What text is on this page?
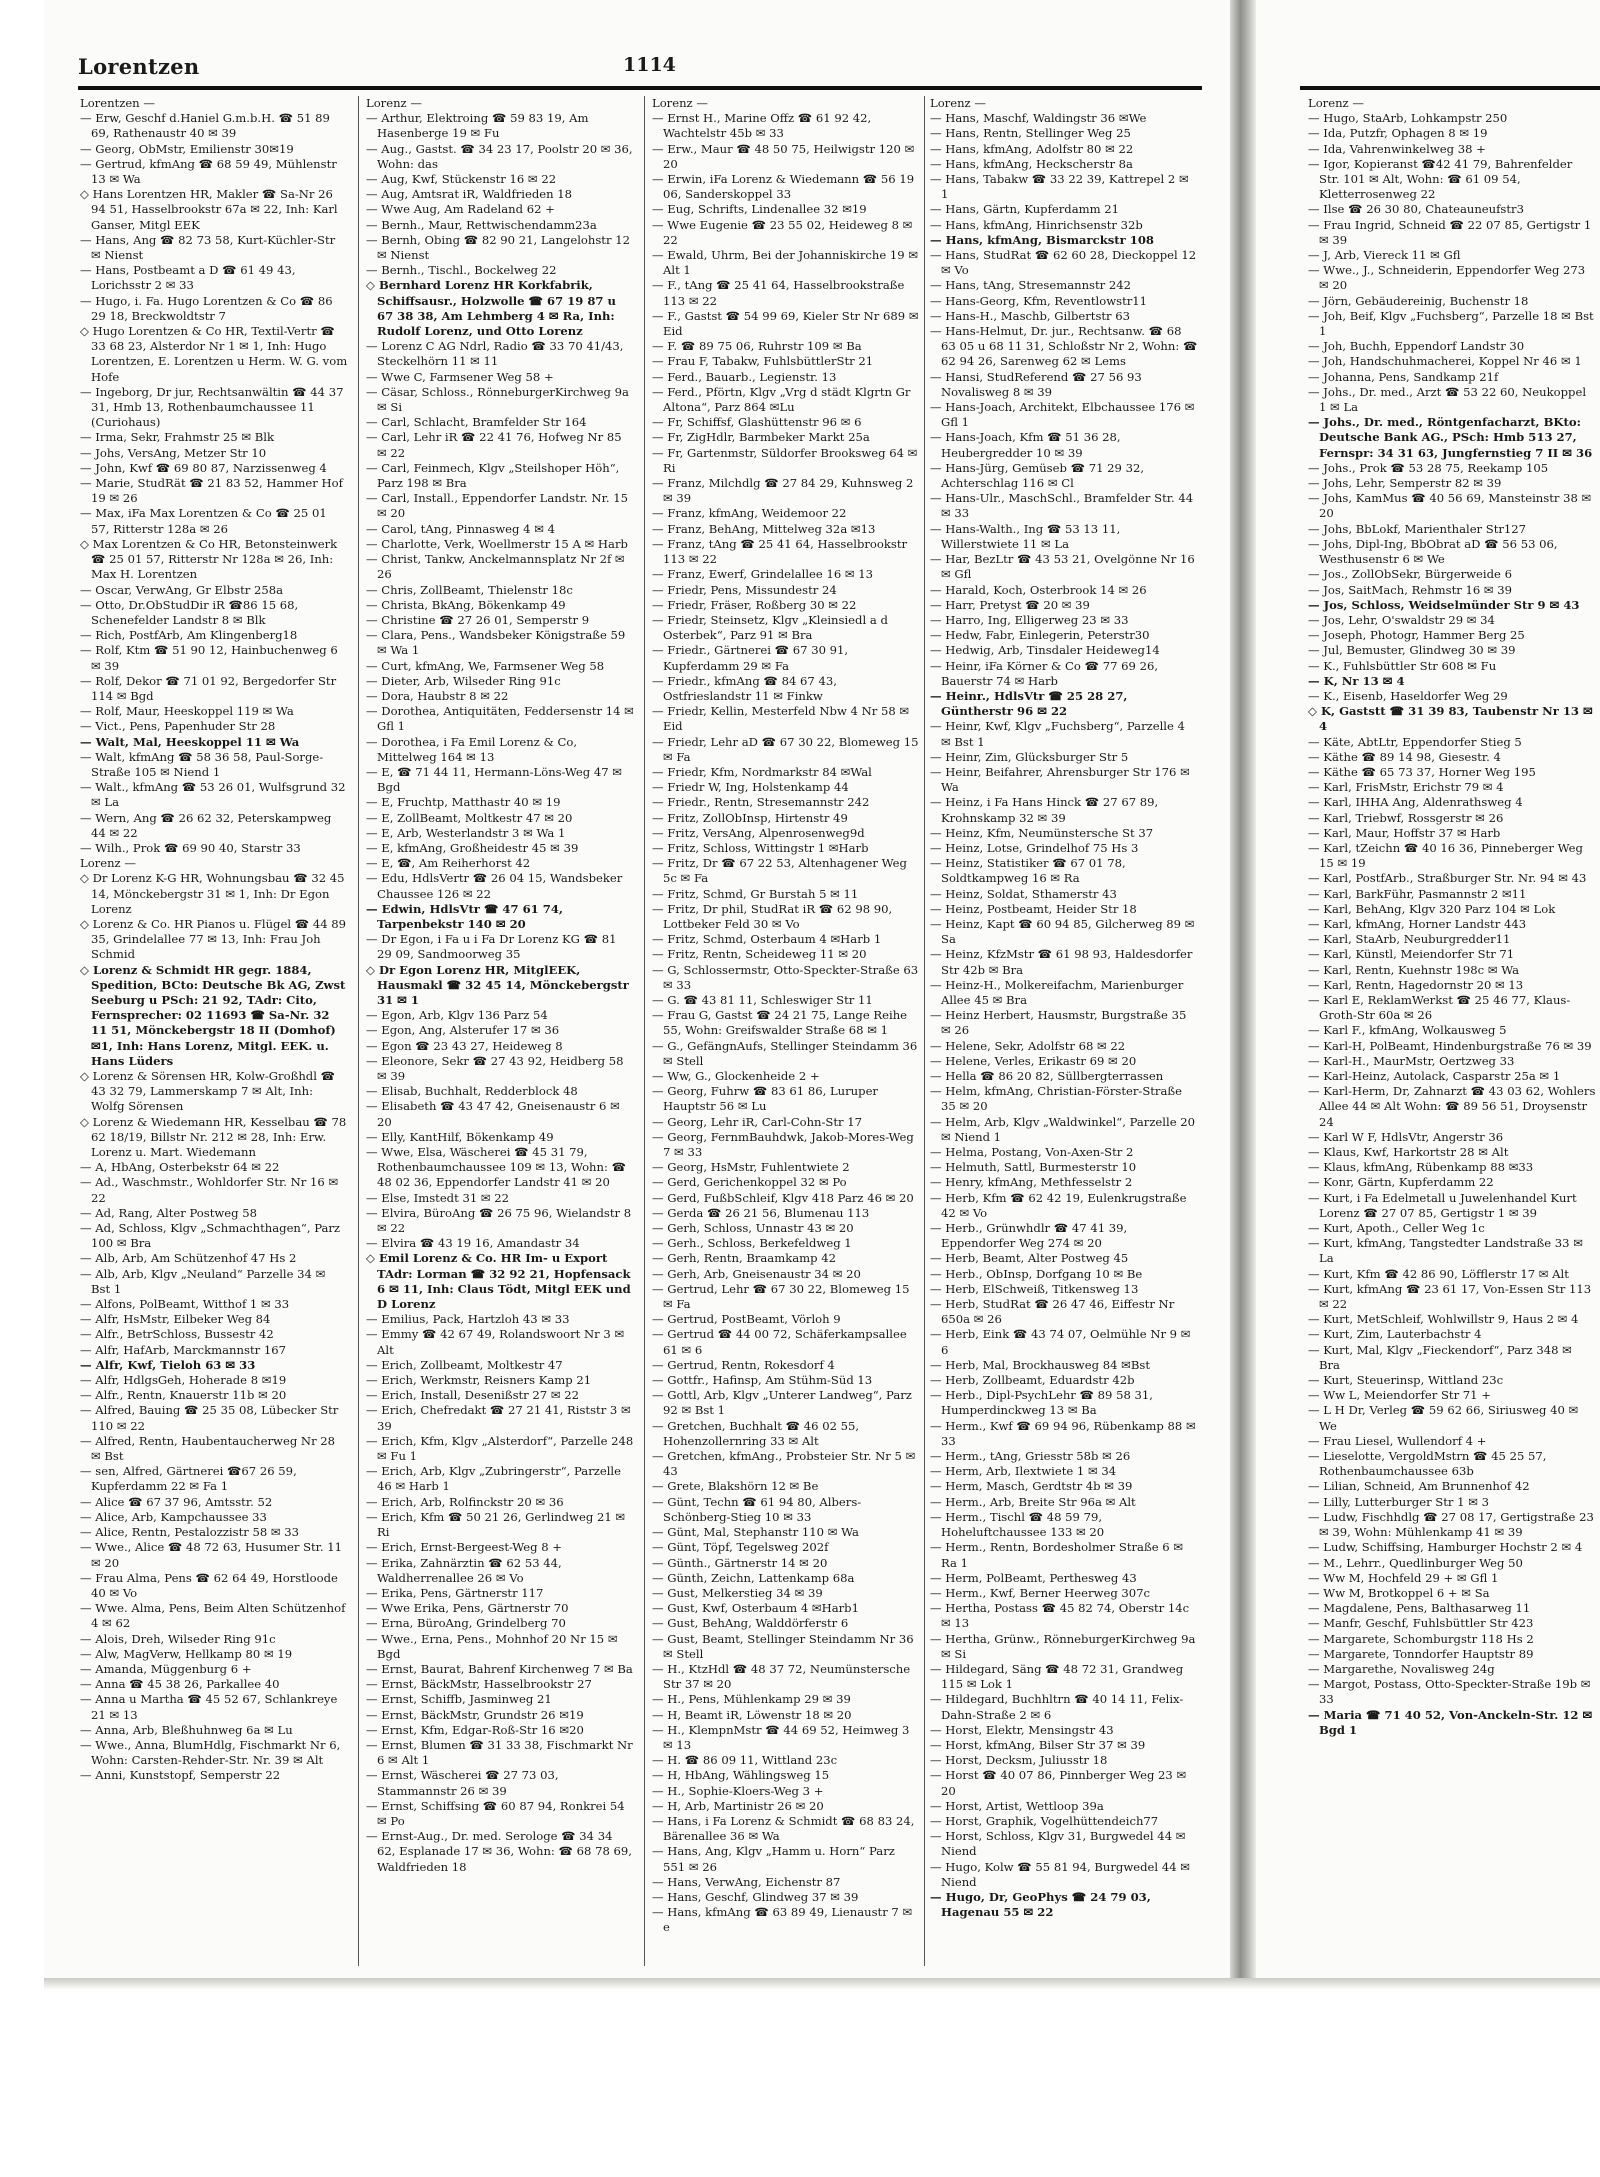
Lorentzen	1114
Lorentzen —
— Erw, Geschf d.Haniel G.m.b.H. ☎ 51 89 69, Rathenaustr 40 ✉ 39
— Georg, ObMstr, Emilienstr 30✉19
— Gertrud, kfmAng ☎ 68 59 49, Mühlenstr 13 ✉ Wa
◇ Hans Lorentzen HR, Makler ☎ Sa-Nr 26 94 51, Hasselbrookstr 67a ✉ 22, Inh: Karl Ganser, Mitgl EEK
— Hans, Ang ☎ 82 73 58, Kurt-Küchler-Str ✉ Nienst
— Hans, Postbeamt a D ☎ 61 49 43, Lorichsstr 2 ✉ 33
— Hugo, i. Fa. Hugo Lorentzen & Co ☎ 86 29 18, Breckwoldtstr 7
◇ Hugo Lorentzen & Co HR, Textil-Vertr ☎ 33 68 23, Alsterdor Nr 1 ✉ 1, Inh: Hugo Lorentzen, E. Lorentzen u Herm. W. G. vom Hofe
— Ingeborg, Dr jur, Rechtsanwältin ☎ 44 37 31, Hmb 13, Rothenbaumchaussee 11 (Curiohaus)
— Irma, Sekr, Frahmstr 25 ✉ Blk
— Johs, VersAng, Metzer Str 10
— John, Kwf ☎ 69 80 87, Narzissenweg 4
— Marie, StudRät ☎ 21 83 52, Hammer Hof 19 ✉ 26
— Max, iFa Max Lorentzen & Co ☎ 25 01 57, Ritterstr 128a ✉ 26
◇ Max Lorentzen & Co HR, Betonsteinwerk ☎ 25 01 57, Ritterstr Nr 128a ✉ 26, Inh: Max H. Lorentzen
— Oscar, VerwAng, Gr Elbstr 258a
— Otto, Dr.ObStudDir iR ☎86 15 68, Schenefelder Landstr 8 ✉ Blk
— Rich, PostfArb, Am Klingenberg18
— Rolf, Ktm ☎ 51 90 12, Hainbuchenweg 6 ✉ 39
— Rolf, Dekor ☎ 71 01 92, Bergedorfer Str 114 ✉ Bgd
— Rolf, Maur, Heeskoppel 119 ✉ Wa
— Vict., Pens, Papenhuder Str 28
— Walt, Mal, Heeskoppel 11 ✉ Wa
— Walt, kfmAng ☎ 58 36 58, Paul-Sorge-Straße 105 ✉ Niend 1
— Walt., kfmAng ☎ 53 26 01, Wulfsgrund 32 ✉ La
— Wern, Ang ☎ 26 62 32, Peterskampweg 44 ✉ 22
— Wilh., Prok ☎ 69 90 40, Starstr 33
Lorenz —
◇ Dr Lorenz K-G HR, Wohnungsbau ☎ 32 45 14, Mönckebergstr 31 ✉ 1, Inh: Dr Egon Lorenz
◇ Lorenz & Co. HR Pianos u. Flügel ☎ 44 89 35, Grindelallee 77 ✉ 13, Inh: Frau Joh Schmid
◇ Lorenz & Schmidt HR gegr. 1884, Spedition, BCto: Deutsche Bk AG, Zwst Seeburg u PSch: 21 92, TAdr: Cito, Fernsprecher: 02 11693 ☎ Sa-Nr. 32 11 51, Mönckebergstr 18 II (Domhof) ✉1, Inh: Hans Lorenz, Mitgl. EEK. u. Hans Lüders
◇ Lorenz & Sörensen HR, Kolw-Großhdl ☎ 43 32 79, Lammerskamp 7 ✉ Alt, Inh: Wolfg Sörensen
◇ Lorenz & Wiedemann HR, Kesselbau ☎ 78 62 18/19, Billstr Nr. 212 ✉ 28, Inh: Erw. Lorenz u. Mart. Wiedemann
— A, HbAng, Osterbekstr 64 ✉ 22
— Ad., Waschmstr., Wohldorfer Str. Nr 16 ✉ 22
— Ad, Rang, Alter Postweg 58
— Ad, Schloss, Klgv „Schmachthagen“, Parz 100 ✉ Bra
— Alb, Arb, Am Schützenhof 47 Hs 2
— Alb, Arb, Klgv „Neuland“ Parzelle 34 ✉ Bst 1
— Alfons, PolBeamt, Witthof 1 ✉ 33
— Alfr, HsMstr, Eilbeker Weg 84
— Alfr., BetrSchloss, Bussestr 42
— Alfr, HafArb, Marckmannstr 167
— Alfr, Kwf, Tieloh 63 ✉ 33
— Alfr, HdlgsGeh, Hoherade 8 ✉19
— Alfr., Rentn, Knauerstr 11b ✉ 20
— Alfred, Bauing ☎ 25 35 08, Lübecker Str 110 ✉ 22
— Alfred, Rentn, Haubentaucherweg Nr 28 ✉ Bst
— sen, Alfred, Gärtnerei ☎67 26 59, Kupferdamm 22 ✉ Fa 1
— Alice ☎ 67 37 96, Amtsstr. 52
— Alice, Arb, Kampchaussee 33
— Alice, Rentn, Pestalozzistr 58 ✉ 33
— Wwe., Alice ☎ 48 72 63, Husumer Str. 11 ✉ 20
— Frau Alma, Pens ☎ 62 64 49, Horstloode 40 ✉ Vo
— Wwe. Alma, Pens, Beim Alten Schützenhof 4 ✉ 62
— Alois, Dreh, Wilseder Ring 91c
— Alw, MagVerw, Hellkamp 80 ✉ 19
— Amanda, Müggenburg 6 +
— Anna ☎ 45 38 26, Parkallee 40
— Anna u Martha ☎ 45 52 67, Schlankreye 21 ✉ 13
— Anna, Arb, Bleßhuhnweg 6a ✉ Lu
— Wwe., Anna, BlumHdlg, Fischmarkt Nr 6, Wohn: Carsten-Rehder-Str. Nr. 39 ✉ Alt
— Anni, Kunststopf, Semperstr 22
Lorenz —
— Arthur, Elektroing ☎ 59 83 19, Am Hasenberge 19 ✉ Fu
— Aug., Gastst. ☎ 34 23 17, Poolstr 20 ✉ 36, Wohn: das
— Aug, Kwf, Stückenstr 16 ✉ 22
— Aug, Amtsrat iR, Waldfrieden 18
— Wwe Aug, Am Radeland 62 +
— Bernh., Maur, Rettwischendamm23a
— Bernh, Obing ☎ 82 90 21, Langelohstr 12 ✉ Nienst
— Bernh., Tischl., Bockelweg 22
◇ Bernhard Lorenz HR Korkfabrik, Schiffsausr., Holzwolle ☎ 67 19 87 u 67 38 38, Am Lehmberg 4 ✉ Ra, Inh: Rudolf Lorenz, und Otto Lorenz
— Lorenz C AG Ndrl, Radio ☎ 33 70 41/43, Steckelhörn 11 ✉ 11
— Wwe C, Farmsener Weg 58 +
— Cäsar, Schloss., RönneburgerKirchweg 9a ✉ Si
— Carl, Schlacht, Bramfelder Str 164
— Carl, Lehr iR ☎ 22 41 76, Hofweg Nr 85 ✉ 22
— Carl, Feinmech, Klgv „Steilshoper Höh“, Parz 198 ✉ Bra
— Carl, Install., Eppendorfer Landstr. Nr. 15 ✉ 20
— Carol, tAng, Pinnasweg 4 ✉ 4
— Charlotte, Verk, Woellmerstr 15 A ✉ Harb
— Christ, Tankw, Anckelmannsplatz Nr 2f ✉ 26
— Chris, ZollBeamt, Thielenstr 18c
— Christa, BkAng, Bökenkamp 49
— Christine ☎ 27 26 01, Semperstr 9
— Clara, Pens., Wandsbeker Königstraße 59 ✉ Wa 1
— Curt, kfmAng, We, Farmsener Weg 58
— Dieter, Arb, Wilseder Ring 91c
— Dora, Haubstr 8 ✉ 22
— Dorothea, Antiquitäten, Feddersenstr 14 ✉ Gfl 1
— Dorothea, i Fa Emil Lorenz & Co, Mittelweg 164 ✉ 13
— E, ☎ 71 44 11, Hermann-Löns-Weg 47 ✉ Bgd
— E, Fruchtp, Matthastr 40 ✉ 19
— E, ZollBeamt, Moltkestr 47 ✉ 20
— E, Arb, Westerlandstr 3 ✉ Wa 1
— E, kfmAng, Großheidestr 45 ✉ 39
— E, ☎, Am Reiherhorst 42
— Edu, HdlsVertr ☎ 26 04 15, Wandsbeker Chaussee 126 ✉ 22
— Edwin, HdlsVtr ☎ 47 61 74, Tarpenbekstr 140 ✉ 20
— Dr Egon, i Fa u i Fa Dr Lorenz KG ☎ 81 29 09, Sandmoorweg 35
◇ Dr Egon Lorenz HR, MitglEEK, Hausmakl ☎ 32 45 14, Mönckebergstr 31 ✉ 1
— Egon, Arb, Klgv 136 Parz 54
— Egon, Ang, Alsterufer 17 ✉ 36
— Egon ☎ 23 43 27, Heideweg 8
— Eleonore, Sekr ☎ 27 43 92, Heidberg 58 ✉ 39
— Elisab, Buchhalt, Redderblock 48
— Elisabeth ☎ 43 47 42, Gneisenaustr 6 ✉ 20
— Elly, KantHilf, Bökenkamp 49
— Wwe, Elsa, Wäscherei ☎ 45 31 79, Rothenbaumchaussee 109 ✉ 13, Wohn: ☎ 48 02 36, Eppendorfer Landstr 41 ✉ 20
— Else, Imstedt 31 ✉ 22
— Elvira, BüroAng ☎ 26 75 96, Wielandstr 8 ✉ 22
— Elvira ☎ 43 19 16, Amandastr 34
◇ Emil Lorenz & Co. HR Im- u Export TAdr: Lorman ☎ 32 92 21, Hopfensack 6 ✉ 11, Inh: Claus Tödt, Mitgl EEK und D Lorenz
— Emilius, Pack, Hartzloh 43 ✉ 33
— Emmy ☎ 42 67 49, Rolandswoort Nr 3 ✉ Alt
— Erich, Zollbeamt, Moltkestr 47
— Erich, Werkmstr, Reisners Kamp 21
— Erich, Install, Desenißstr 27 ✉ 22
— Erich, Chefredakt ☎ 27 21 41, Riststr 3 ✉ 39
— Erich, Kfm, Klgv „Alsterdorf“, Parzelle 248 ✉ Fu 1
— Erich, Arb, Klgv „Zubringerstr“, Parzelle 46 ✉ Harb 1
— Erich, Arb, Rolfinckstr 20 ✉ 36
— Erich, Kfm ☎ 50 21 26, Gerlindweg 21 ✉ Ri
— Erich, Ernst-Bergeest-Weg 8 +
— Erika, Zahnärztin ☎ 62 53 44, Waldherrenallee 26 ✉ Vo
— Erika, Pens, Gärtnerstr 117
— Wwe Erika, Pens, Gärtnerstr 70
— Erna, BüroAng, Grindelberg 70
— Wwe., Erna, Pens., Mohnhof 20 Nr 15 ✉ Bgd
— Ernst, Baurat, Bahrenf Kirchenweg 7 ✉ Ba
— Ernst, BäckMstr, Hasselbrookstr 27
— Ernst, Schiffb, Jasminweg 21
— Ernst, BäckMstr, Grundstr 26 ✉19
— Ernst, Kfm, Edgar-Roß-Str 16 ✉20
— Ernst, Blumen ☎ 31 33 38, Fischmarkt Nr 6 ✉ Alt 1
— Ernst, Wäscherei ☎ 27 73 03, Stammannstr 26 ✉ 39
— Ernst, Schiffsing ☎ 60 87 94, Ronkrei 54 ✉ Po
— Ernst-Aug., Dr. med. Serologe ☎ 34 34 62, Esplanade 17 ✉ 36, Wohn: ☎ 68 78 69, Waldfrieden 18
Lorenz —
— Ernst H., Marine Offz ☎ 61 92 42, Wachtelstr 45b ✉ 33
— Erw., Maur ☎ 48 50 75, Heilwigstr 120 ✉ 20
— Erwin, iFa Lorenz & Wiedemann ☎ 56 19 06, Sanderskoppel 33
— Eug, Schrifts, Lindenallee 32 ✉19
— Wwe Eugenie ☎ 23 55 02, Heideweg 8 ✉ 22
— Ewald, Uhrm, Bei der Johanniskirche 19 ✉ Alt 1
— F., tAng ☎ 25 41 64, Hasselbrookstraße 113 ✉ 22
— F., Gastst ☎ 54 99 69, Kieler Str Nr 689 ✉ Eid
— F. ☎ 89 75 06, Ruhrstr 109 ✉ Ba
— Frau F, Tabakw, FuhlsbüttlerStr 21
— Ferd., Bauarb., Legienstr. 13
— Ferd., Pförtn, Klgv „Vrg d städt Klgrtn Gr Altona“, Parz 864 ✉Lu
— Fr, Schiffsf, Glashüttenstr 96 ✉ 6
— Fr, ZigHdlr, Barmbeker Markt 25a
— Fr, Gartenmstr, Süldorfer Brooksweg 64 ✉ Ri
— Franz, Milchdlg ☎ 27 84 29, Kuhnsweg 2 ✉ 39
— Franz, kfmAng, Weidemoor 22
— Franz, BehAng, Mittelweg 32a ✉13
— Franz, tAng ☎ 25 41 64, Hasselbrookstr 113 ✉ 22
— Franz, Ewerf, Grindelallee 16 ✉ 13
— Friedr, Pens, Missundestr 24
— Friedr, Fräser, Roßberg 30 ✉ 22
— Friedr, Steinsetz, Klgv „Kleinsiedl a d Osterbek“, Parz 91 ✉ Bra
— Friedr., Gärtnerei ☎ 67 30 91, Kupferdamm 29 ✉ Fa
— Friedr., kfmAng ☎ 84 67 43, Ostfrieslandstr 11 ✉ Finkw
— Friedr, Kellin, Mesterfeld Nbw 4 Nr 58 ✉ Eid
— Friedr, Lehr aD ☎ 67 30 22, Blomeweg 15 ✉ Fa
— Friedr, Kfm, Nordmarkstr 84 ✉Wal
— Friedr W, Ing, Holstenkamp 44
— Friedr., Rentn, Stresemannstr 242
— Fritz, ZollObInsp, Hirtenstr 49
— Fritz, VersAng, Alpenrosenweg9d
— Fritz, Schloss, Wittingstr 1 ✉Harb
— Fritz, Dr ☎ 67 22 53, Altenhagener Weg 5c ✉ Fa
— Fritz, Schmd, Gr Burstah 5 ✉ 11
— Fritz, Dr phil, StudRat iR ☎ 62 98 90, Lottbeker Feld 30 ✉ Vo
— Fritz, Schmd, Osterbaum 4 ✉Harb 1
— Fritz, Rentn, Scheideweg 11 ✉ 20
— G, Schlossermstr, Otto-Speckter-Straße 63 ✉ 33
— G. ☎ 43 81 11, Schleswiger Str 11
— Frau G, Gastst ☎ 24 21 75, Lange Reihe 55, Wohn: Greifswalder Straße 68 ✉ 1
— G., GefängnAufs, Stellinger Steindamm 36 ✉ Stell
— Ww, G., Glockenheide 2 +
— Georg, Fuhrw ☎ 83 61 86, Luruper Hauptstr 56 ✉ Lu
— Georg, Lehr iR, Carl-Cohn-Str 17
— Georg, FernmBauhdwk, Jakob-Mores-Weg 7 ✉ 33
— Georg, HsMstr, Fuhlentwiete 2
— Gerd, Gerichenkoppel 32 ✉ Po
— Gerd, FußbSchleif, Klgv 418 Parz 46 ✉ 20
— Gerda ☎ 26 21 56, Blumenau 113
— Gerh, Schloss, Unnastr 43 ✉ 20
— Gerh., Schloss, Berkefeldweg 1
— Gerh, Rentn, Braamkamp 42
— Gerh, Arb, Gneisenaustr 34 ✉ 20
— Gertrud, Lehr ☎ 67 30 22, Blomeweg 15 ✉ Fa
— Gertrud, PostBeamt, Vörloh 9
— Gertrud ☎ 44 00 72, Schäferkampsallee 61 ✉ 6
— Gertrud, Rentn, Rokesdorf 4
— Gottfr., Hafinsp, Am Stühm-Süd 13
— Gottl, Arb, Klgv „Unterer Landweg“, Parz 92 ✉ Bst 1
— Gretchen, Buchhalt ☎ 46 02 55, Hohenzollernring 33 ✉ Alt
— Gretchen, kfmAng., Probsteier Str. Nr 5 ✉ 43
— Grete, Blakshörn 12 ✉ Be
— Günt, Techn ☎ 61 94 80, Albers-Schönberg-Stieg 10 ✉ 33
— Günt, Mal, Stephanstr 110 ✉ Wa
— Günt, Töpf, Tegelsweg 202f
— Günth., Gärtnerstr 14 ✉ 20
— Günth, Zeichn, Lattenkamp 68a
— Gust, Melkerstieg 34 ✉ 39
— Gust, Kwf, Osterbaum 4 ✉Harb1
— Gust, BehAng, Walddörferstr 6
— Gust, Beamt, Stellinger Steindamm Nr 36 ✉ Stell
— H., KtzHdl ☎ 48 37 72, Neumünstersche Str 37 ✉ 20
— H., Pens, Mühlenkamp 29 ✉ 39
— H, Beamt iR, Löwenstr 18 ✉ 20
— H., KlempnMstr ☎ 44 69 52, Heimweg 3 ✉ 13
— H. ☎ 86 09 11, Wittland 23c
— H, HbAng, Wählingsweg 15
— H., Sophie-Kloers-Weg 3 +
— H, Arb, Martinistr 26 ✉ 20
— Hans, i Fa Lorenz & Schmidt ☎ 68 83 24, Bärenallee 36 ✉ Wa
— Hans, Ang, Klgv „Hamm u. Horn“ Parz 551 ✉ 26
— Hans, VerwAng, Eichenstr 87
— Hans, Geschf, Glindweg 37 ✉ 39
— Hans, kfmAng ☎ 63 89 49, Lienaustr 7 ✉ e
Lorenz —
— Hans, Maschf, Waldingstr 36 ✉We
— Hans, Rentn, Stellinger Weg 25
— Hans, kfmAng, Adolfstr 80 ✉ 22
— Hans, kfmAng, Heckscherstr 8a
— Hans, Tabakw ☎ 33 22 39, Kattrepel 2 ✉ 1
— Hans, Gärtn, Kupferdamm 21
— Hans, kfmAng, Hinrichsenstr 32b
— Hans, kfmAng, Bismarckstr 108
— Hans, StudRat ☎ 62 60 28, Dieckoppel 12 ✉ Vo
— Hans, tAng, Stresemannstr 242
— Hans-Georg, Kfm, Reventlowstr11
— Hans-H., Maschb, Gilbertstr 63
— Hans-Helmut, Dr. jur., Rechtsanw. ☎ 68 63 05 u 68 11 31, Schloßstr Nr 2, Wohn: ☎ 62 94 26, Sarenweg 62 ✉ Lems
— Hansi, StudReferend ☎ 27 56 93 Novalisweg 8 ✉ 39
— Hans-Joach, Architekt, Elbchaussee 176 ✉ Gfl 1
— Hans-Joach, Kfm ☎ 51 36 28, Heubergredder 10 ✉ 39
— Hans-Jürg, Gemüseb ☎ 71 29 32, Achterschlag 116 ✉ Cl
— Hans-Ulr., MaschSchl., Bramfelder Str. 44 ✉ 33
— Hans-Walth., Ing ☎ 53 13 11, Willerstwiete 11 ✉ La
— Har, BezLtr ☎ 43 53 21, Ovelgönne Nr 16 ✉ Gfl
— Harald, Koch, Osterbrook 14 ✉ 26
— Harr, Pretyst ☎ 20 ✉ 39
— Harro, Ing, Elligerweg 23 ✉ 33
— Hedw, Fabr, Einlegerin, Peterstr30
— Hedwig, Arb, Tinsdaler Heideweg14
— Heinr, iFa Körner & Co ☎ 77 69 26, Bauerstr 74 ✉ Harb
— Heinr., HdlsVtr ☎ 25 28 27, Güntherstr 96 ✉ 22
— Heinr, Kwf, Klgv „Fuchsberg“, Parzelle 4 ✉ Bst 1
— Heinr, Zim, Glücksburger Str 5
— Heinr, Beifahrer, Ahrensburger Str 176 ✉ Wa
— Heinz, i Fa Hans Hinck ☎ 27 67 89, Krohnskamp 32 ✉ 39
— Heinz, Kfm, Neumünstersche St 37
— Heinz, Lotse, Grindelhof 75 Hs 3
— Heinz, Statistiker ☎ 67 01 78, Soldtkampweg 16 ✉ Ra
— Heinz, Soldat, Sthamerstr 43
— Heinz, Postbeamt, Heider Str 18
— Heinz, Kapt ☎ 60 94 85, Gilcherweg 89 ✉ Sa
— Heinz, KfzMstr ☎ 61 98 93, Haldesdorfer Str 42b ✉ Bra
— Heinz-H., Molkereifachm, Marienburger Allee 45 ✉ Bra
— Heinz Herbert, Hausmstr, Burgstraße 35 ✉ 26
— Helene, Sekr, Adolfstr 68 ✉ 22
— Helene, Verles, Erikastr 69 ✉ 20
— Hella ☎ 86 20 82, Süllbergterrassen
— Helm, kfmAng, Christian-Förster-Straße 35 ✉ 20
— Helm, Arb, Klgv „Waldwinkel“, Parzelle 20 ✉ Niend 1
— Helma, Postang, Von-Axen-Str 2
— Helmuth, Sattl, Burmesterstr 10
— Henry, kfmAng, Methfesselstr 2
— Herb, Kfm ☎ 62 42 19, Eulenkrugstraße 42 ✉ Vo
— Herb., Grünwhdlr ☎ 47 41 39, Eppendorfer Weg 274 ✉ 20
— Herb, Beamt, Alter Postweg 45
— Herb., ObInsp, Dorfgang 10 ✉ Be
— Herb, ElSchweiß, Titkensweg 13
— Herb, StudRat ☎ 26 47 46, Eiffestr Nr 650a ✉ 26
— Herb, Eink ☎ 43 74 07, Oelmühle Nr 9 ✉ 6
— Herb, Mal, Brockhausweg 84 ✉Bst
— Herb, Zollbeamt, Eduardstr 42b
— Herb., Dipl-PsychLehr ☎ 89 58 31, Humperdinckweg 13 ✉ Ba
— Herm., Kwf ☎ 69 94 96, Rübenkamp 88 ✉ 33
— Herm., tAng, Griesstr 58b ✉ 26
— Herm, Arb, Ilextwiete 1 ✉ 34
— Herm, Masch, Gerdtstr 4b ✉ 39
— Herm., Arb, Breite Str 96a ✉ Alt
— Herm., Tischl ☎ 48 59 79, Hoheluftchaussee 133 ✉ 20
— Herm., Rentn, Bordesholmer Straße 6 ✉ Ra 1
— Herm, PolBeamt, Perthesweg 43
— Herm., Kwf, Berner Heerweg 307c
— Hertha, Postass ☎ 45 82 74, Oberstr 14c ✉ 13
— Hertha, Grünw., RönneburgerKirchweg 9a ✉ Si
— Hildegard, Säng ☎ 48 72 31, Grandweg 115 ✉ Lok 1
— Hildegard, Buchhltrn ☎ 40 14 11, Felix-Dahn-Straße 2 ✉ 6
— Horst, Elektr, Mensingstr 43
— Horst, kfmAng, Bilser Str 37 ✉ 39
— Horst, Decksm, Juliusstr 18
— Horst ☎ 40 07 86, Pinnberger Weg 23 ✉ 20
— Horst, Artist, Wettloop 39a
— Horst, Graphik, Vogelhüttendeich77
— Horst, Schloss, Klgv 31, Burgwedel 44 ✉ Niend
— Hugo, Kolw ☎ 55 81 94, Burgwedel 44 ✉ Niend
— Hugo, Dr, GeoPhys ☎ 24 79 03, Hagenau 55 ✉ 22
Lorenz —
— Hugo, StaArb, Lohkampstr 250
— Ida, Putzfr, Ophagen 8 ✉ 19
— Ida, Vahrenwinkelweg 38 +
— Igor, Kopieranst ☎42 41 79, Bahrenfelder Str. 101 ✉ Alt, Wohn: ☎ 61 09 54, Kletterrosenweg 22
— Ilse ☎ 26 30 80, Chateauneufstr3
— Frau Ingrid, Schneid ☎ 22 07 85, Gertigstr 1 ✉ 39
— J, Arb, Viereck 11 ✉ Gfl
— Wwe., J., Schneiderin, Eppendorfer Weg 273 ✉ 20
— Jörn, Gebäudereinig, Buchenstr 18
— Joh, Beif, Klgv „Fuchsberg“, Parzelle 18 ✉ Bst 1
— Joh, Buchh, Eppendorf Landstr 30
— Joh, Handschuhmacherei, Koppel Nr 46 ✉ 1
— Johanna, Pens, Sandkamp 21f
— Johs., Dr. med., Arzt ☎ 53 22 60, Neukoppel 1 ✉ La
— Johs., Dr. med., Röntgenfacharzt, BKto: Deutsche Bank AG., PSch: Hmb 513 27, Fernspr: 34 31 63, Jungfernstieg 7 II ✉ 36
— Johs., Prok ☎ 53 28 75, Reekamp 105
— Johs, Lehr, Semperstr 82 ✉ 39
— Johs, KamMus ☎ 40 56 69, Mansteinstr 38 ✉ 20
— Johs, BbLokf, Marienthaler Str127
— Johs, Dipl-Ing, BbObrat aD ☎ 56 53 06, Westhusenstr 6 ✉ We
— Jos., ZollObSekr, Bürgerweide 6
— Jos, SaitMach, Rehmstr 16 ✉ 39
— Jos, Schloss, Weidselmünder Str 9 ✉ 43
— Jos, Lehr, O'swaldstr 29 ✉ 34
— Joseph, Photogr, Hammer Berg 25
— Jul, Bemuster, Glindweg 30 ✉ 39
— K., Fuhlsbüttler Str 608 ✉ Fu
— K, Nr 13 ✉ 4
— K., Eisenb, Haseldorfer Weg 29
◇ K, Gaststt ☎ 31 39 83, Taubenstr Nr 13 ✉ 4
— Käte, AbtLtr, Eppendorfer Stieg 5
— Käthe ☎ 89 14 98, Giesestr. 4
— Käthe ☎ 65 73 37, Horner Weg 195
— Karl, FrisMstr, Erichstr 79 ✉ 4
— Karl, IHHA Ang, Aldenrathsweg 4
— Karl, Triebwf, Rossgerstr ✉ 26
— Karl, Maur, Hoffstr 37 ✉ Harb
— Karl, tZeichn ☎ 40 16 36, Pinneberger Weg 15 ✉ 19
— Karl, PostfArb., Straßburger Str. Nr. 94 ✉ 43
— Karl, BarkFühr, Pasmannstr 2 ✉11
— Karl, BehAng, Klgv 320 Parz 104 ✉ Lok
— Karl, kfmAng, Horner Landstr 443
— Karl, StaArb, Neuburgredder11
— Karl, Künstl, Meiendorfer Str 71
— Karl, Rentn, Kuehnstr 198c ✉ Wa
— Karl, Rentn, Hagedornstr 20 ✉ 13
— Karl E, ReklamWerkst ☎ 25 46 77, Klaus-Groth-Str 60a ✉ 26
— Karl F., kfmAng, Wolkausweg 5
— Karl-H, PolBeamt, Hindenburgstraße 76 ✉ 39
— Karl-H., MaurMstr, Oertzweg 33
— Karl-Heinz, Autolack, Casparstr 25a ✉ 1
— Karl-Herm, Dr, Zahnarzt ☎ 43 03 62, Wohlers Allee 44 ✉ Alt Wohn: ☎ 89 56 51, Droysenstr 24
— Karl W F, HdlsVtr, Angerstr 36
— Klaus, Kwf, Harkortstr 28 ✉ Alt
— Klaus, kfmAng, Rübenkamp 88 ✉33
— Konr, Gärtn, Kupferdamm 22
— Kurt, i Fa Edelmetall u Juwelenhandel Kurt Lorenz ☎ 27 07 85, Gertigstr 1 ✉ 39
— Kurt, Apoth., Celler Weg 1c
— Kurt, kfmAng, Tangstedter Landstraße 33 ✉ La
— Kurt, Kfm ☎ 42 86 90, Löfflerstr 17 ✉ Alt
— Kurt, kfmAng ☎ 23 61 17, Von-Essen Str 113 ✉ 22
— Kurt, MetSchleif, Wohlwillstr 9, Haus 2 ✉ 4
— Kurt, Zim, Lauterbachstr 4
— Kurt, Mal, Klgv „Fieckendorf“, Parz 348 ✉ Bra
— Kurt, Steuerinsp, Wittland 23c
— Ww L, Meiendorfer Str 71 +
— L H Dr, Verleg ☎ 59 62 66, Siriusweg 40 ✉ We
— Frau Liesel, Wullendorf 4 +
— Lieselotte, VergoldMstrn ☎ 45 25 57, Rothenbaumchaussee 63b
— Lilian, Schneid, Am Brunnenhof 42
— Lilly, Lutterburger Str 1 ✉ 3
— Ludw, Fischhdlg ☎ 27 08 17, Gertigstraße 23 ✉ 39, Wohn: Mühlenkamp 41 ✉ 39
— Ludw, Schiffsing, Hamburger Hochstr 2 ✉ 4
— M., Lehrr., Quedlinburger Weg 50
— Ww M, Hochfeld 29 + ✉ Gfl 1
— Ww M, Brotkoppel 6 + ✉ Sa
— Magdalene, Pens, Balthasarweg 11
— Manfr, Geschf, Fuhlsbüttler Str 423
— Margarete, Schomburgstr 118 Hs 2
— Margarete, Tonndorfer Hauptstr 89
— Margarethe, Novalisweg 24g
— Margot, Postass, Otto-Speckter-Straße 19b ✉ 33
— Maria ☎ 71 40 52, Von-Anckeln-Str. 12 ✉ Bgd 1
